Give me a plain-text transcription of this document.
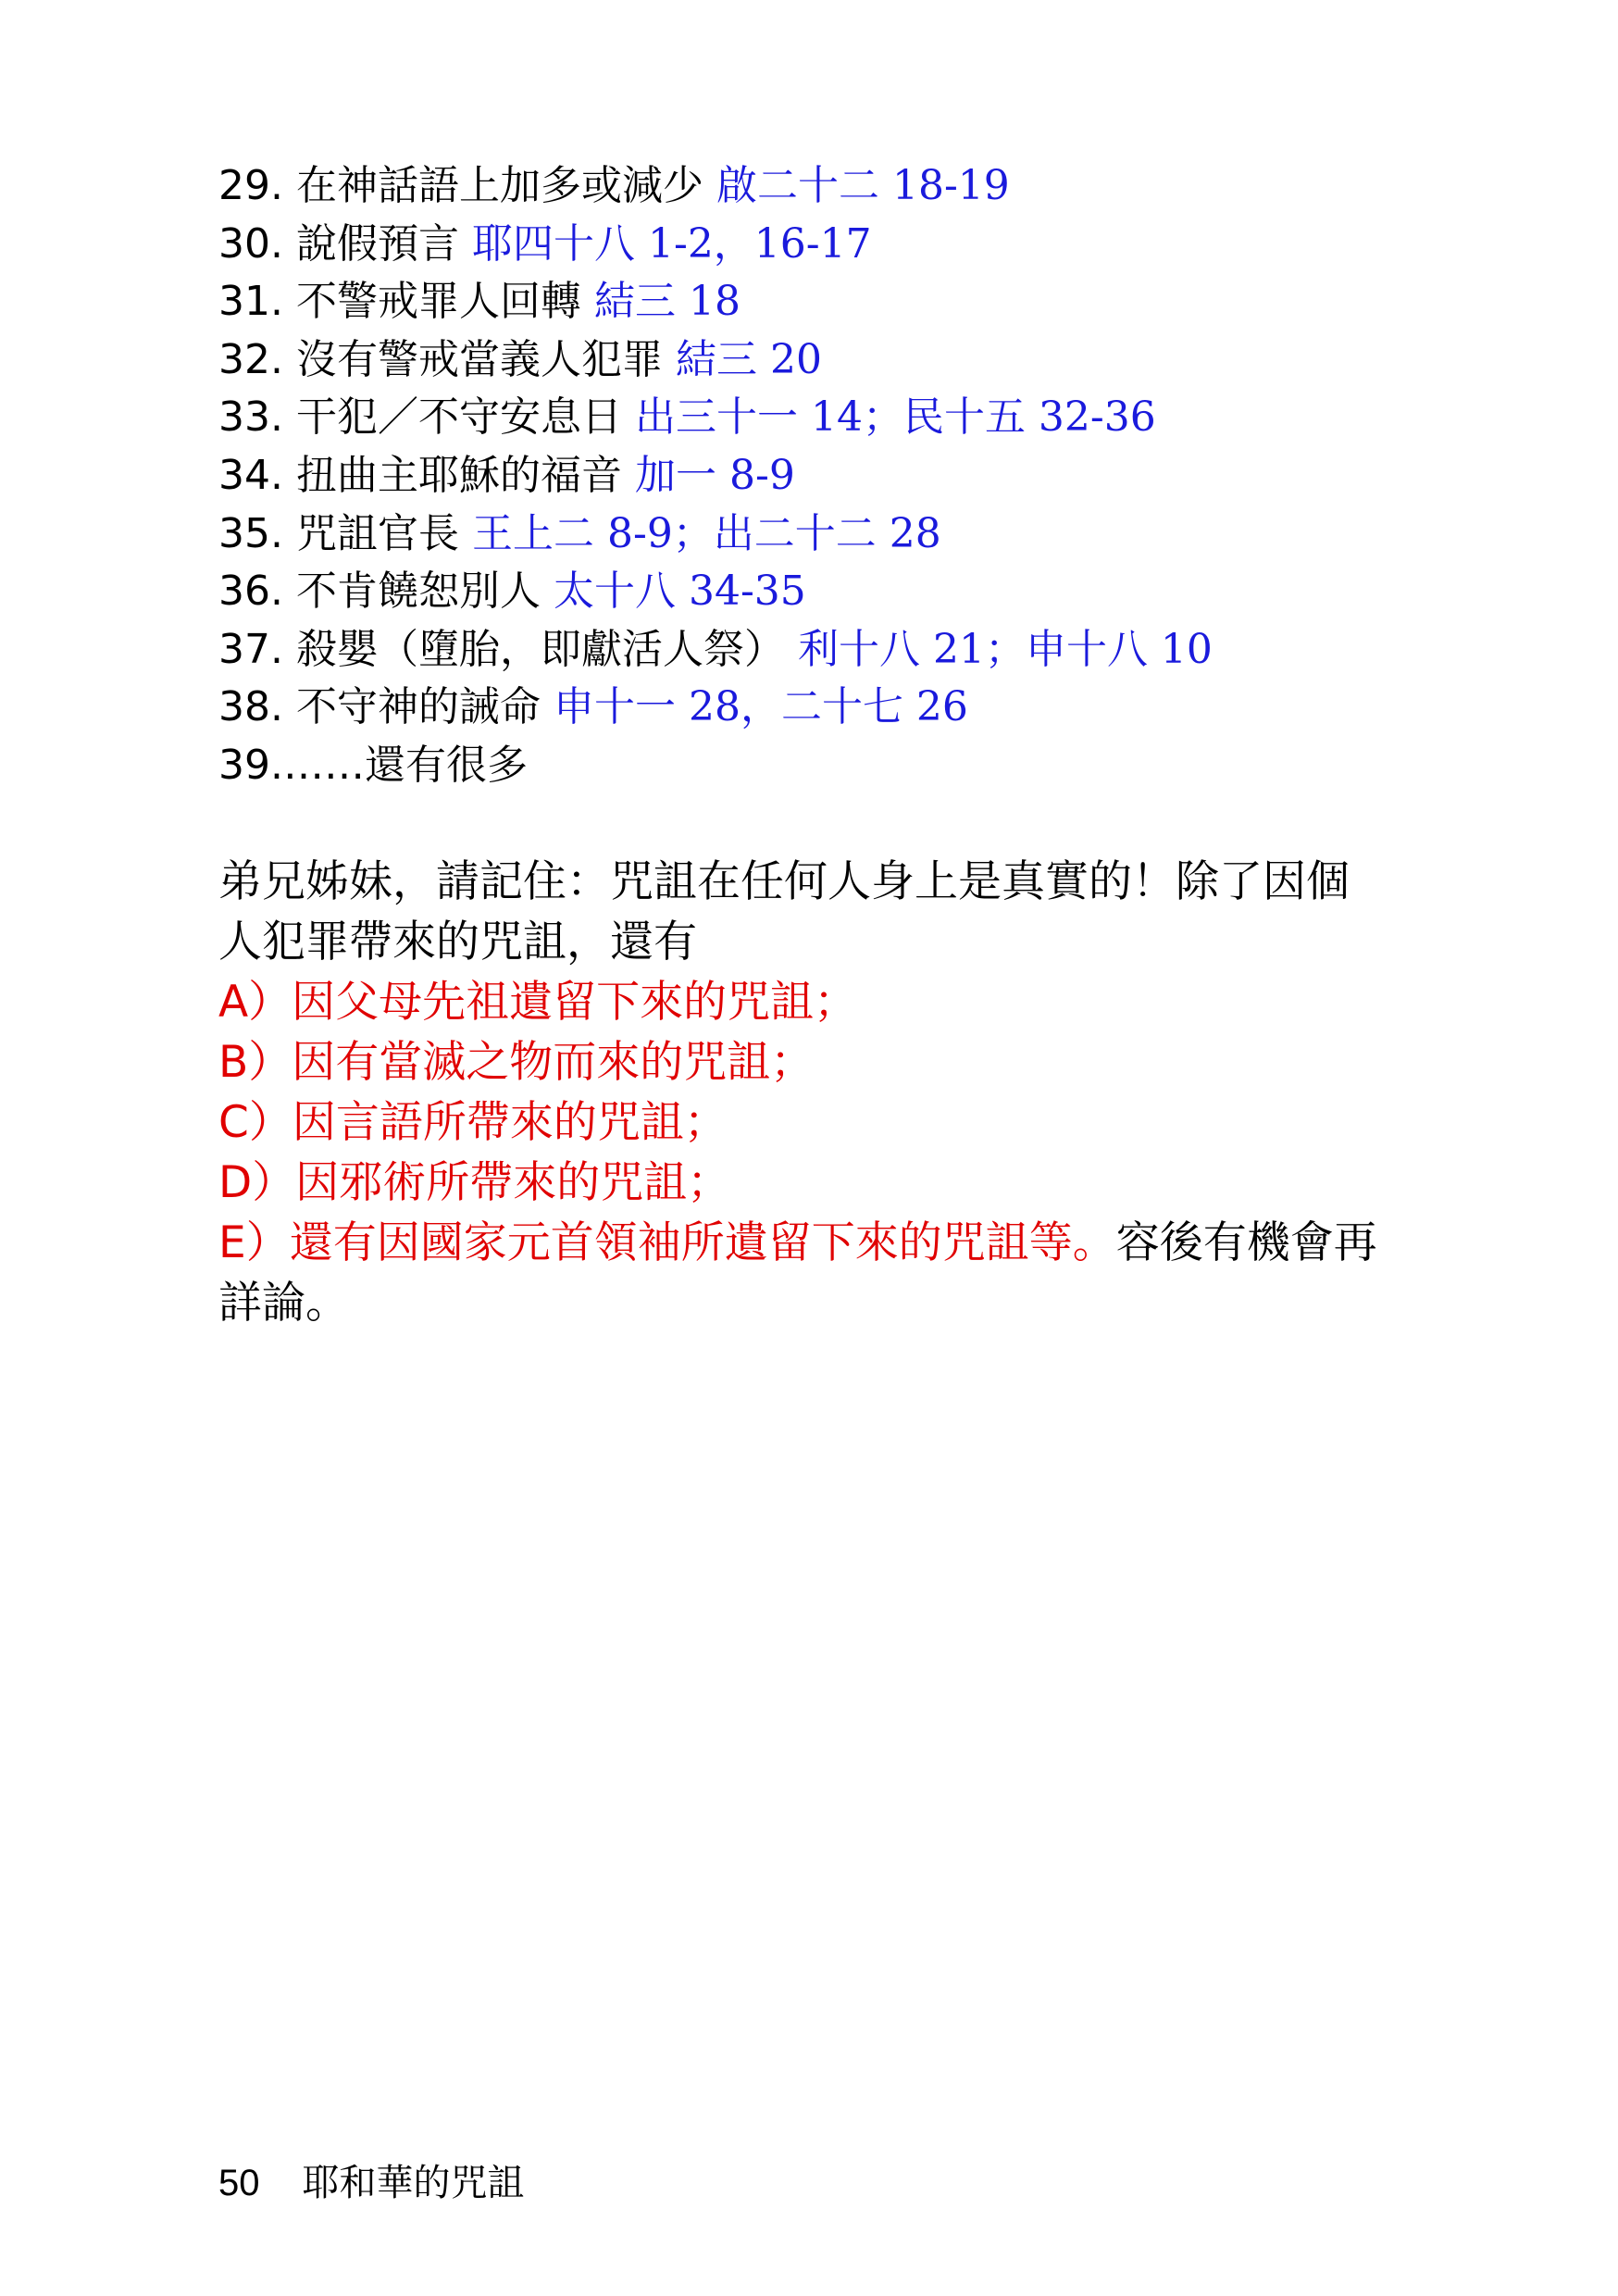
29. 在神話語上加多或減少 啟二十二 18-19
30. 說假預言 耶四十八 1-2，16-17
31. 不警戒罪人回轉 結三 18
32. 沒有警戒當義人犯罪 結三 20
33. 干犯／不守安息日 出三十一 14；民十五 32-36
34. 扭曲主耶穌的福音 加一 8-9
35. 咒詛官長 王上二 8-9；出二十二 28
36. 不肯饒恕別人 太十八 34-35
37. 殺嬰（墮胎，即獻活人祭） 利十八 21；申十八 10
38. 不守神的誡命 申十一 28，二十七 26
39.……還有很多
弟兄姊妹，請記住：咒詛在任何人身上是真實的！除了因個
人犯罪帶來的咒詛，還有
A）因父母先祖遺留下來的咒詛；
B）因有當滅之物而來的咒詛；
C）因言語所帶來的咒詛；
D）因邪術所帶來的咒詛；
E）還有因國家元首領袖所遺留下來的咒詛等。容後有機會再
詳論。
50 耶和華的咒詛
